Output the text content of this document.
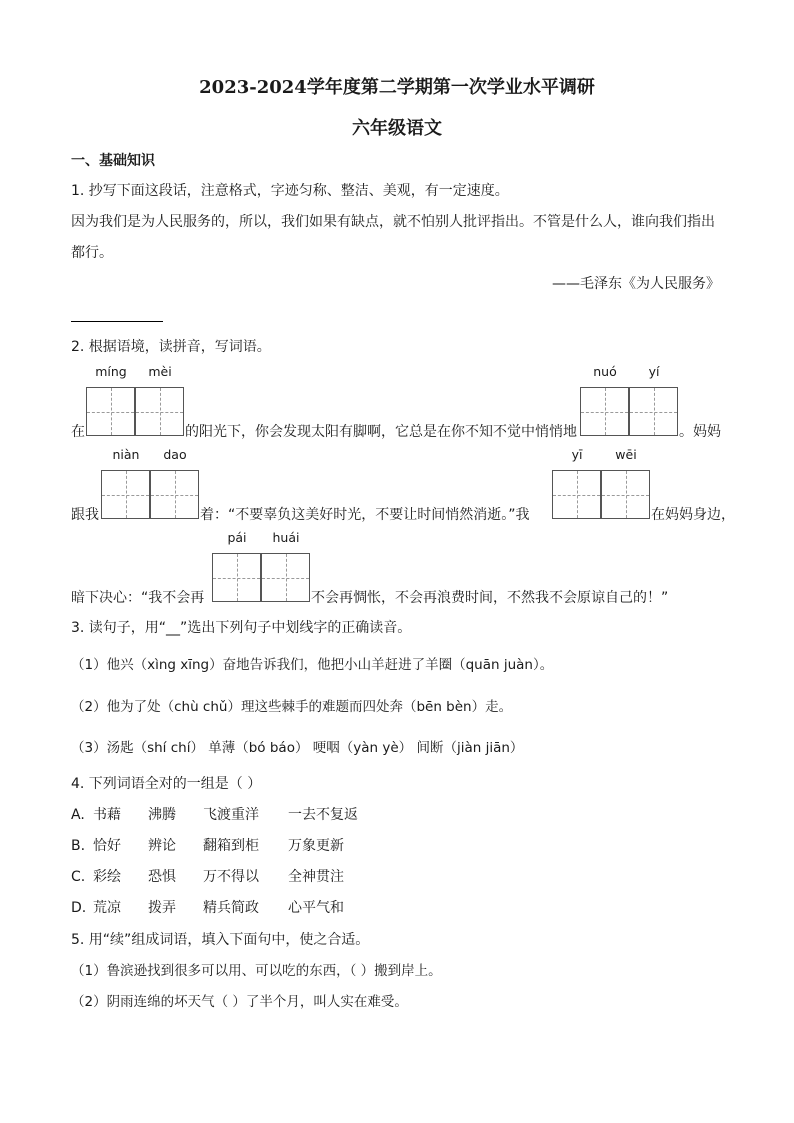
2023-2024学年度第二学期第一次学业水平调研
六年级语文
一、基础知识
1. 抄写下面这段话，注意格式，字迹匀称、整洁、美观，有一定速度。
因为我们是为人民服务的，所以，我们如果有缺点，就不怕别人批评指出。不管是什么人，谁向我们指出
都行。
——毛泽东《为人民服务》
2. 根据语境，读拼音，写词语。
在
míng	mèi
的阳光下，你会发现太阳有脚啊，它总是在你不知不觉中悄悄地
nuó	yí
。妈妈
跟我
niàn	dao
着：“不要辜负这美好时光，不要让时间悄然消逝。”我
yī	wēi
在妈妈身边，
暗下决心：“我不会再
pái	huái
不会再惆怅，不会再浪费时间，不然我不会原谅自己的！”
3. 读句子，用“__”选出下列句子中划线字的正确读音。
（1）他兴（xìng xīng）奋地告诉我们，他把小山羊赶进了羊圈（quān juàn）。
（2）他为了处（chù chǔ）理这些棘手的难题而四处奔（bēn bèn）走。
（3）汤匙（shí chí） 单薄（bó báo） 哽咽（yàn yè） 间断（jiàn jiān）
4. 下列词语全对的一组是（ ）
A. 书藉 沸腾 飞渡重洋 一去不复返
B. 恰好 辨论 翻箱到柜 万象更新
C. 彩绘 恐惧 万不得以 全神贯注
D. 荒凉 拨弄 精兵简政 心平气和
5. 用“续”组成词语，填入下面句中，使之合适。
（1）鲁滨逊找到很多可以用、可以吃的东西，（ ）搬到岸上。
（2）阴雨连绵的坏天气（ ）了半个月，叫人实在难受。
